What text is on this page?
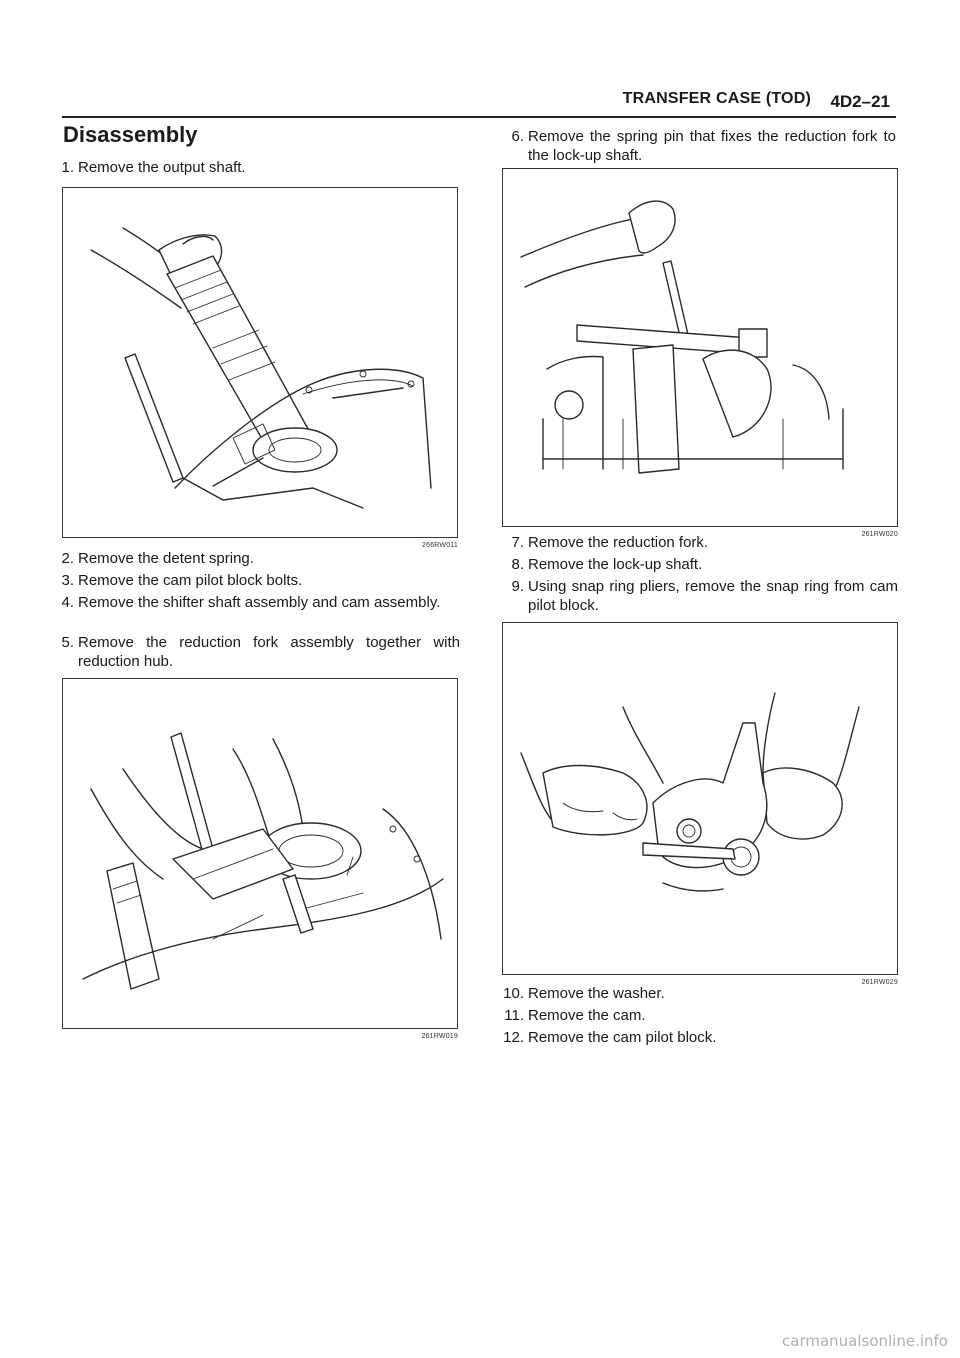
TRANSFER CASE (TOD) 4D2–21
Disassembly
1. Remove the output shaft.
266RW011
2. Remove the detent spring.
3. Remove the cam pilot block bolts.
4. Remove the shifter shaft assembly and cam assembly.
5. Remove the reduction fork assembly together with reduction hub.
261RW019
6. Remove the spring pin that fixes the reduction fork to the lock-up shaft.
261RW020
7. Remove the reduction fork.
8. Remove the lock-up shaft.
9. Using snap ring pliers, remove the snap ring from cam pilot block.
261RW029
10. Remove the washer.
11. Remove the cam.
12. Remove the cam pilot block.
carmanualsonline.info
